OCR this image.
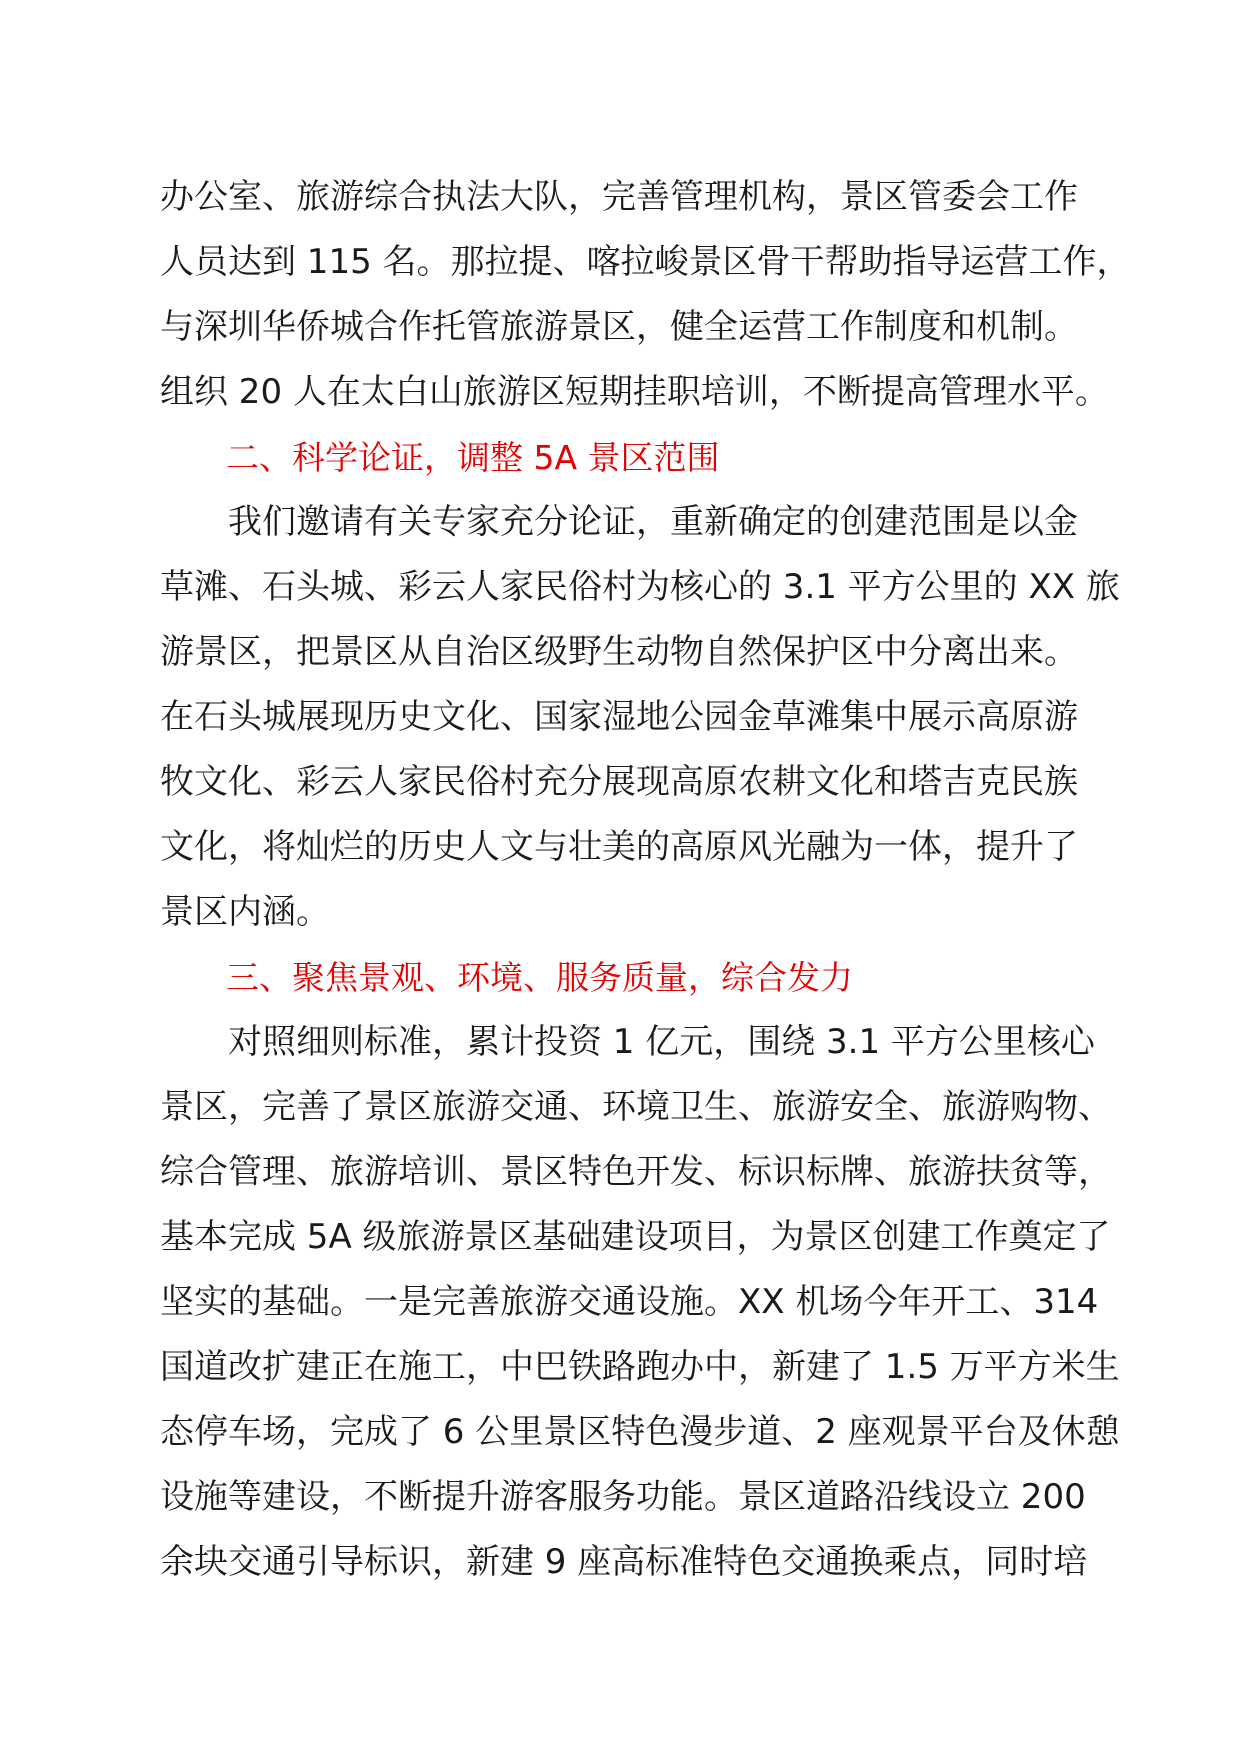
办公室、旅游综合执法大队，完善管理机构，景区管委会工作
人员达到 115 名。那拉提、喀拉峻景区骨干帮助指导运营工作，
与深圳华侨城合作托管旅游景区，健全运营工作制度和机制。
组织 20 人在太白山旅游区短期挂职培训，不断提高管理水平。
二、科学论证，调整 5A 景区范围
我们邀请有关专家充分论证，重新确定的创建范围是以金
草滩、石头城、彩云人家民俗村为核心的 3.1 平方公里的 XX 旅
游景区，把景区从自治区级野生动物自然保护区中分离出来。
在石头城展现历史文化、国家湿地公园金草滩集中展示高原游
牧文化、彩云人家民俗村充分展现高原农耕文化和塔吉克民族
文化，将灿烂的历史人文与壮美的高原风光融为一体，提升了
景区内涵。
三、聚焦景观、环境、服务质量，综合发力
对照细则标准，累计投资 1 亿元，围绕 3.1 平方公里核心
景区，完善了景区旅游交通、环境卫生、旅游安全、旅游购物、
综合管理、旅游培训、景区特色开发、标识标牌、旅游扶贫等，
基本完成 5A 级旅游景区基础建设项目，为景区创建工作奠定了
坚实的基础。一是完善旅游交通设施。XX 机场今年开工、314
国道改扩建正在施工，中巴铁路跑办中，新建了 1.5 万平方米生
态停车场，完成了 6 公里景区特色漫步道、2 座观景平台及休憩
设施等建设，不断提升游客服务功能。景区道路沿线设立 200
余块交通引导标识，新建 9 座高标准特色交通换乘点，同时培
